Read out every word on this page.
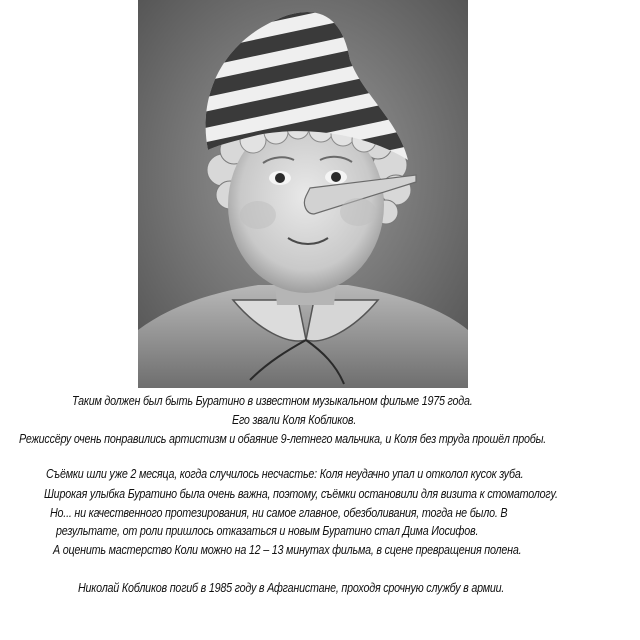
Таким должен был быть Буратино в известном музыкальном фильме 1975 года.
Его звали Коля Кобликов.
Режиссёру очень понравились артистизм и обаяние 9-летнего мальчика, и Коля без труда прошёл пробы.
Съёмки шли уже 2 месяца, когда случилось несчастье: Коля неудачно упал и отколол кусок зуба.
Широкая улыбка Буратино была очень важна, поэтому, съёмки остановили для визита к стоматологу.
Но... ни качественного протезирования, ни самое главное, обезболивания, тогда не было. В
результате, от роли пришлось отказаться и новым Буратино стал Дима Иосифов.
А оценить мастерство Коли можно на 12 – 13 минутах фильма, в сцене превращения полена.
Николай Кобликов погиб в 1985 году в Афганистане, проходя срочную службу в армии.
